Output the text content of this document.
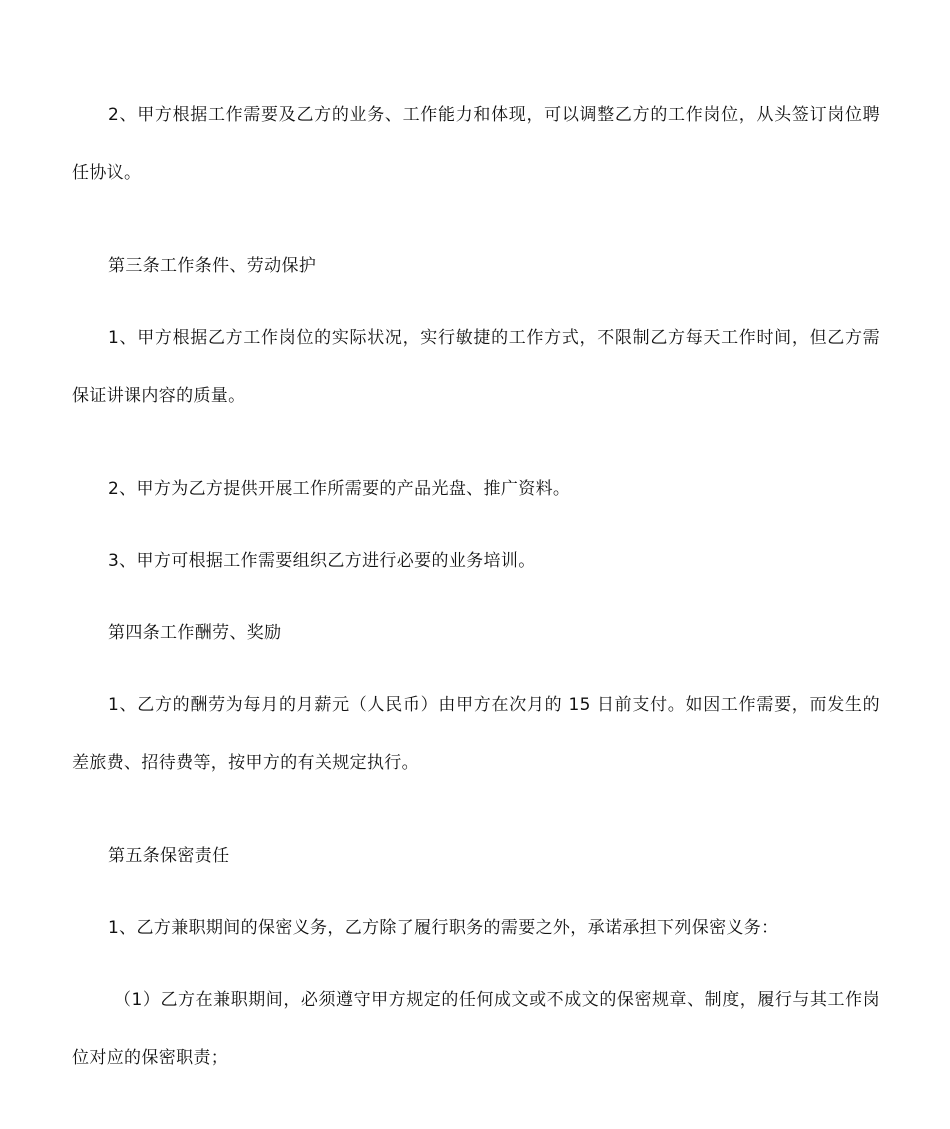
2、甲方根据工作需要及乙方的业务、工作能力和体现，可以调整乙方的工作岗位，从头签订岗位聘任协议。

第三条工作条件、劳动保护

1、甲方根据乙方工作岗位的实际状况，实行敏捷的工作方式，不限制乙方每天工作时间，但乙方需保证讲课内容的质量。

2、甲方为乙方提供开展工作所需要的产品光盘、推广资料。

3、甲方可根据工作需要组织乙方进行必要的业务培训。

第四条工作酬劳、奖励

1、乙方的酬劳为每月的月薪元（人民币）由甲方在次月的 15 日前支付。如因工作需要，而发生的差旅费、招待费等，按甲方的有关规定执行。

第五条保密责任

1、乙方兼职期间的保密义务，乙方除了履行职务的需要之外，承诺承担下列保密义务：

（1）乙方在兼职期间，必须遵守甲方规定的任何成文或不成文的保密规章、制度，履行与其工作岗位对应的保密职责；
